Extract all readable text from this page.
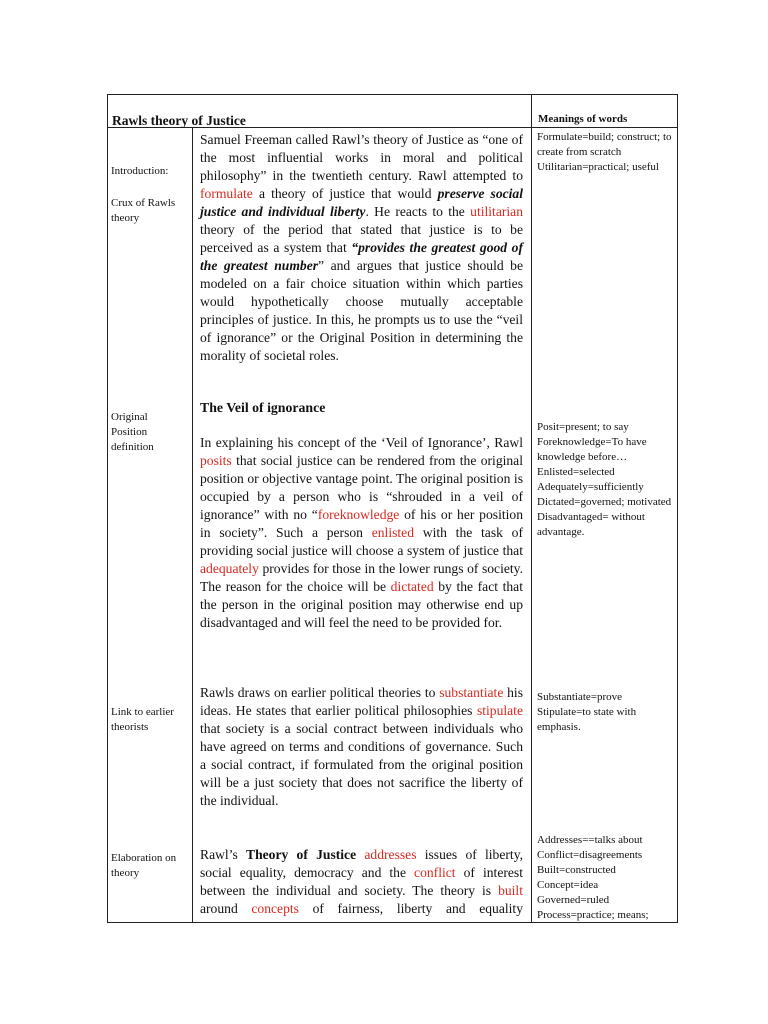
Rawls theory of Justice	Meanings of words
Introduction:
Crux of Rawls theory
Original Position definition
Link to earlier theorists
Elaboration on theory
Samuel Freeman called Rawl’s theory of Justice as “one of the most influential works in moral and political philosophy” in the twentieth century. Rawl attempted to formulate a theory of justice that would preserve social justice and individual liberty. He reacts to the utilitarian theory of the period that stated that justice is to be perceived as a system that “provides the greatest good of the greatest number” and argues that justice should be modeled on a fair choice situation within which parties would hypothetically choose mutually acceptable principles of justice. In this, he prompts us to use the “veil of ignorance” or the Original Position in determining the morality of societal roles.
The Veil of ignorance
In explaining his concept of the ‘Veil of Ignorance’, Rawl posits that social justice can be rendered from the original position or objective vantage point. The original position is occupied by a person who is “shrouded in a veil of ignorance” with no “foreknowledge of his or her position in society”. Such a person enlisted with the task of providing social justice will choose a system of justice that adequately provides for those in the lower rungs of society. The reason for the choice will be dictated by the fact that the person in the original position may otherwise end up disadvantaged and will feel the need to be provided for.
Rawls draws on earlier political theories to substantiate his ideas. He states that earlier political philosophies stipulate that society is a social contract between individuals who have agreed on terms and conditions of governance. Such a social contract, if formulated from the original position will be a just society that does not sacrifice the liberty of the individual.
Rawl’s Theory of Justice addresses issues of liberty, social equality, democracy and the conflict of interest between the individual and society. The theory is built around concepts of fairness, liberty and equality
Formulate=build; construct; to create from scratch
Utilitarian=practical; useful
Posit=present; to say
Foreknowledge=To have knowledge before…
Enlisted=selected
Adequately=sufficiently
Dictated=governed; motivated
Disadvantaged= without advantage.
Substantiate=prove
Stipulate=to state with emphasis.
Addresses==talks about
Conflict=disagreements
Built=constructed
Concept=idea
Governed=ruled
Process=practice; means;
